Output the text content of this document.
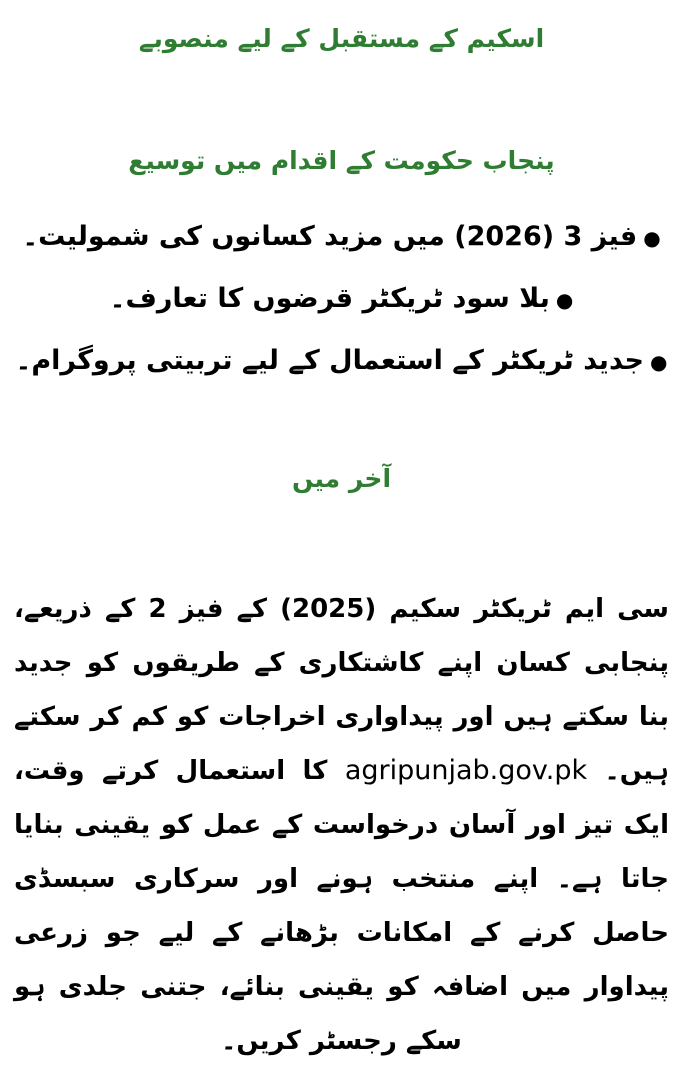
اسکیم کے مستقبل کے لیے منصوبے
پنجاب حکومت کے اقدام میں توسیع
●فیز 3 (2026) میں مزید کسانوں کی شمولیت۔
●بلا سود ٹریکٹر قرضوں کا تعارف۔
●جدید ٹریکٹر کے استعمال کے لیے تربیتی پروگرام۔
آخر میں

سی ایم ٹریکٹر سکیم (2025) کے فیز 2 کے ذریعے، پنجابی کسان اپنے کاشتکاری کے طریقوں کو جدید بنا سکتے ہیں اور پیداواری اخراجات کو کم کر سکتے ہیں۔ agripunjab.gov.pk کا استعمال کرتے وقت، ایک تیز اور آسان درخواست کے عمل کو یقینی بنایا جاتا ہے۔ اپنے منتخب ہونے اور سرکاری سبسڈی حاصل کرنے کے امکانات بڑھانے کے لیے جو زرعی پیداوار میں اضافہ کو یقینی بنائے، جتنی جلدی ہو سکے رجسٹر کریں۔
